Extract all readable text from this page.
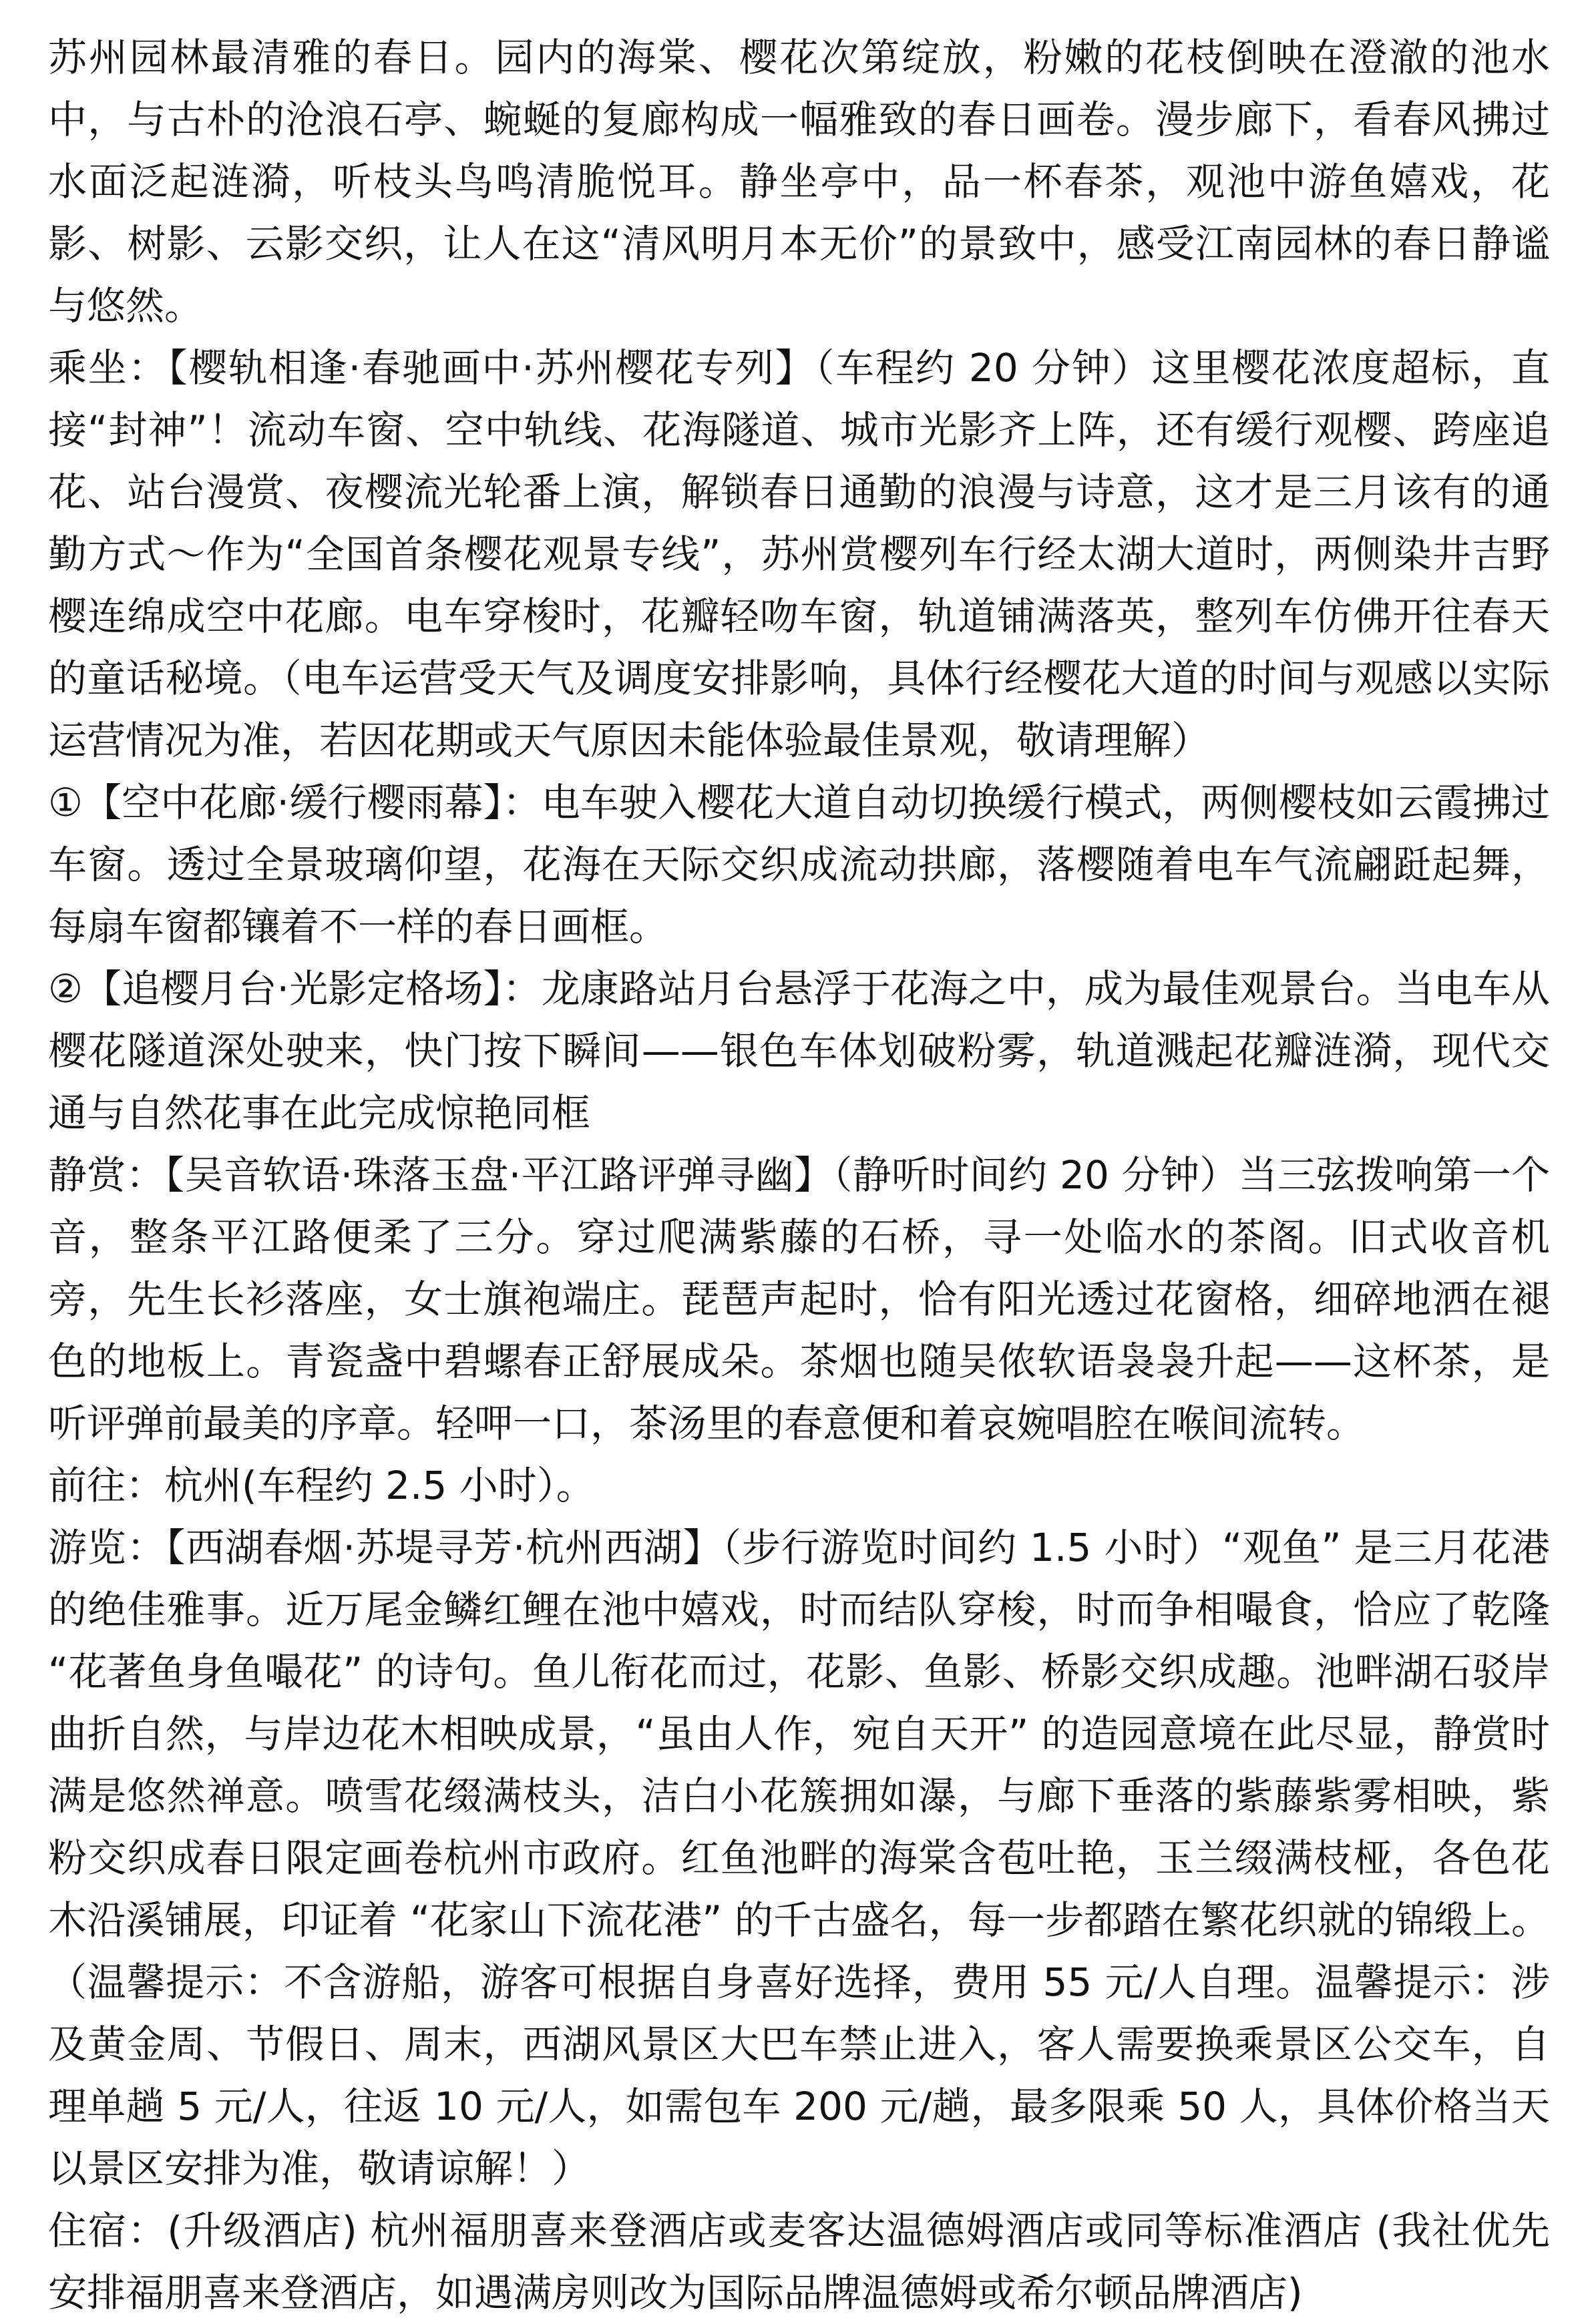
苏州园林最清雅的春日。园内的海棠、樱花次第绽放，粉嫩的花枝倒映在澄澈的池水中，与古朴的沧浪石亭、蜿蜒的复廊构成一幅雅致的春日画卷。漫步廊下，看春风拂过水面泛起涟漪，听枝头鸟鸣清脆悦耳。静坐亭中，品一杯春茶，观池中游鱼嬉戏，花影、树影、云影交织，让人在这“清风明月本无价”的景致中，感受江南园林的春日静谧与悠然。

乘坐：【樱轨相逢·春驰画中·苏州樱花专列】（车程约 20 分钟）这里樱花浓度超标，直接“封神”！流动车窗、空中轨线、花海隧道、城市光影齐上阵，还有缓行观樱、跨座追花、站台漫赏、夜樱流光轮番上演，解锁春日通勤的浪漫与诗意，这才是三月该有的通勤方式～作为“全国首条樱花观景专线”，苏州赏樱列车行经太湖大道时，两侧染井吉野樱连绵成空中花廊。电车穿梭时，花瓣轻吻车窗，轨道铺满落英，整列车仿佛开往春天的童话秘境。（电车运营受天气及调度安排影响，具体行经樱花大道的时间与观感以实际运营情况为准，若因花期或天气原因未能体验最佳景观，敬请理解）

①【空中花廊·缓行樱雨幕】：电车驶入樱花大道自动切换缓行模式，两侧樱枝如云霞拂过车窗。透过全景玻璃仰望，花海在天际交织成流动拱廊，落樱随着电车气流翩跹起舞，每扇车窗都镶着不一样的春日画框。

②【追樱月台·光影定格场】：龙康路站月台悬浮于花海之中，成为最佳观景台。当电车从樱花隧道深处驶来，快门按下瞬间——银色车体划破粉雾，轨道溅起花瓣涟漪，现代交通与自然花事在此完成惊艳同框

静赏：【吴音软语·珠落玉盘·平江路评弹寻幽】（静听时间约 20 分钟）当三弦拨响第一个音，整条平江路便柔了三分。穿过爬满紫藤的石桥，寻一处临水的茶阁。旧式收音机旁，先生长衫落座，女士旗袍端庄。琵琶声起时，恰有阳光透过花窗格，细碎地洒在褪色的地板上。青瓷盏中碧螺春正舒展成朵。茶烟也随吴侬软语袅袅升起——这杯茶，是听评弹前最美的序章。轻呷一口，茶汤里的春意便和着哀婉唱腔在喉间流转。

前往：杭州(车程约 2.5 小时）。

游览：【西湖春烟·苏堤寻芳·杭州西湖】（步行游览时间约 1.5 小时）“观鱼” 是三月花港的绝佳雅事。近万尾金鳞红鲤在池中嬉戏，时而结队穿梭，时而争相嘬食，恰应了乾隆 “花著鱼身鱼嘬花” 的诗句。鱼儿衔花而过，花影、鱼影、桥影交织成趣。池畔湖石驳岸曲折自然，与岸边花木相映成景，“虽由人作，宛自天开” 的造园意境在此尽显，静赏时满是悠然禅意。喷雪花缀满枝头，洁白小花簇拥如瀑，与廊下垂落的紫藤紫雾相映，紫粉交织成春日限定画卷杭州市政府。红鱼池畔的海棠含苞吐艳，玉兰缀满枝桠，各色花木沿溪铺展，印证着 “花家山下流花港” 的千古盛名，每一步都踏在繁花织就的锦缎上。（温馨提示：不含游船，游客可根据自身喜好选择，费用 55 元/人自理。温馨提示：涉及黄金周、节假日、周末，西湖风景区大巴车禁止进入，客人需要换乘景区公交车，自理单趟 5 元/人，往返 10 元/人，如需包车 200 元/趟，最多限乘 50 人，具体价格当天以景区安排为准，敬请谅解！）

住宿：(升级酒店) 杭州福朋喜来登酒店或麦客达温德姆酒店或同等标准酒店 (我社优先安排福朋喜来登酒店，如遇满房则改为国际品牌温德姆或希尔顿品牌酒店)
